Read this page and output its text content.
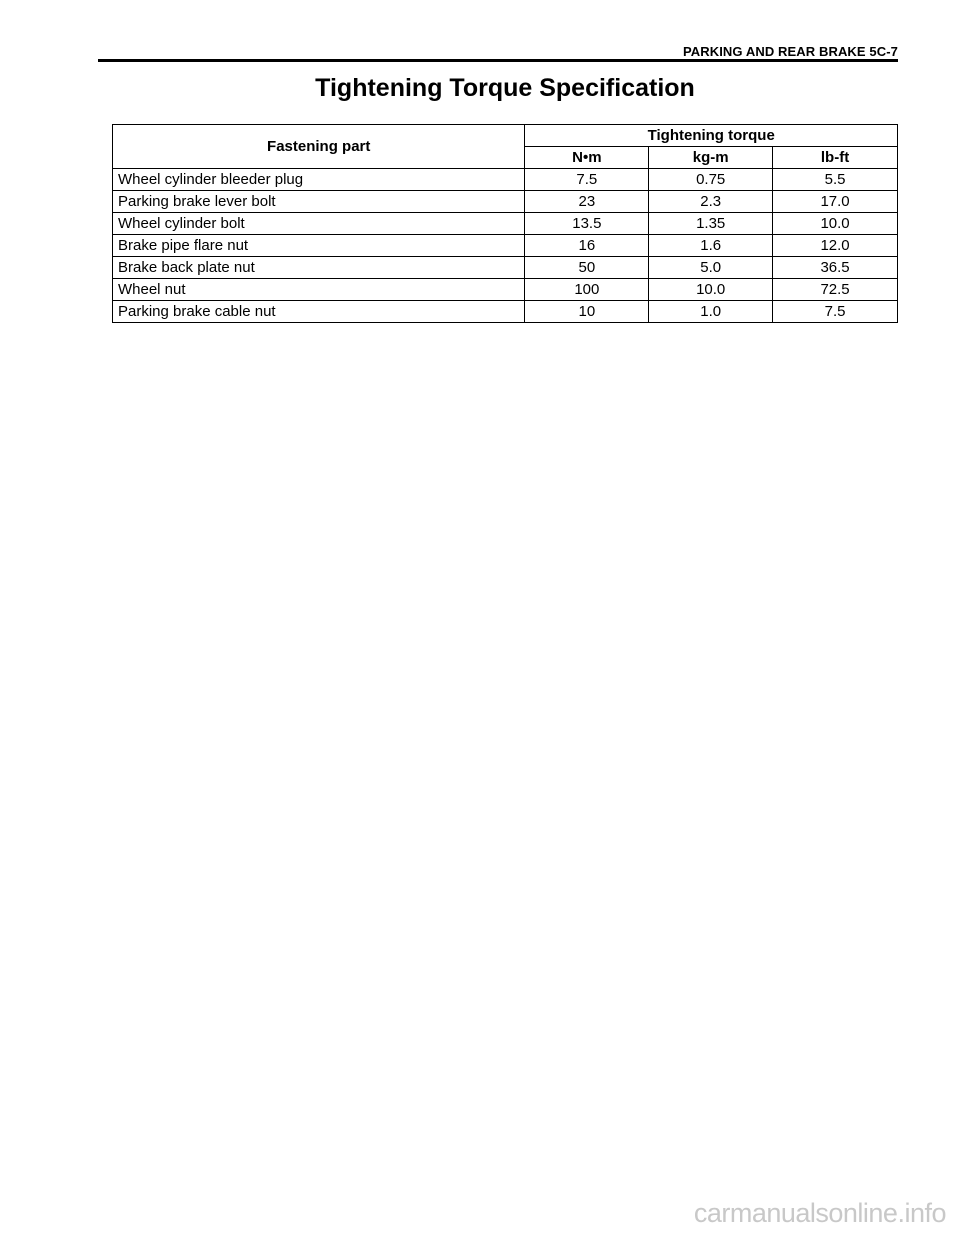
PARKING AND REAR BRAKE 5C-7
Tightening Torque Specification
Fastening part	Tightening torque		
	N•m	kg-m	lb-ft
Wheel cylinder bleeder plug	7.5	0.75	5.5
Parking brake lever bolt	23	2.3	17.0
Wheel cylinder bolt	13.5	1.35	10.0
Brake pipe flare nut	16	1.6	12.0
Brake back plate nut	50	5.0	36.5
Wheel nut	100	10.0	72.5
Parking brake cable nut	10	1.0	7.5
carmanualsonline.info
